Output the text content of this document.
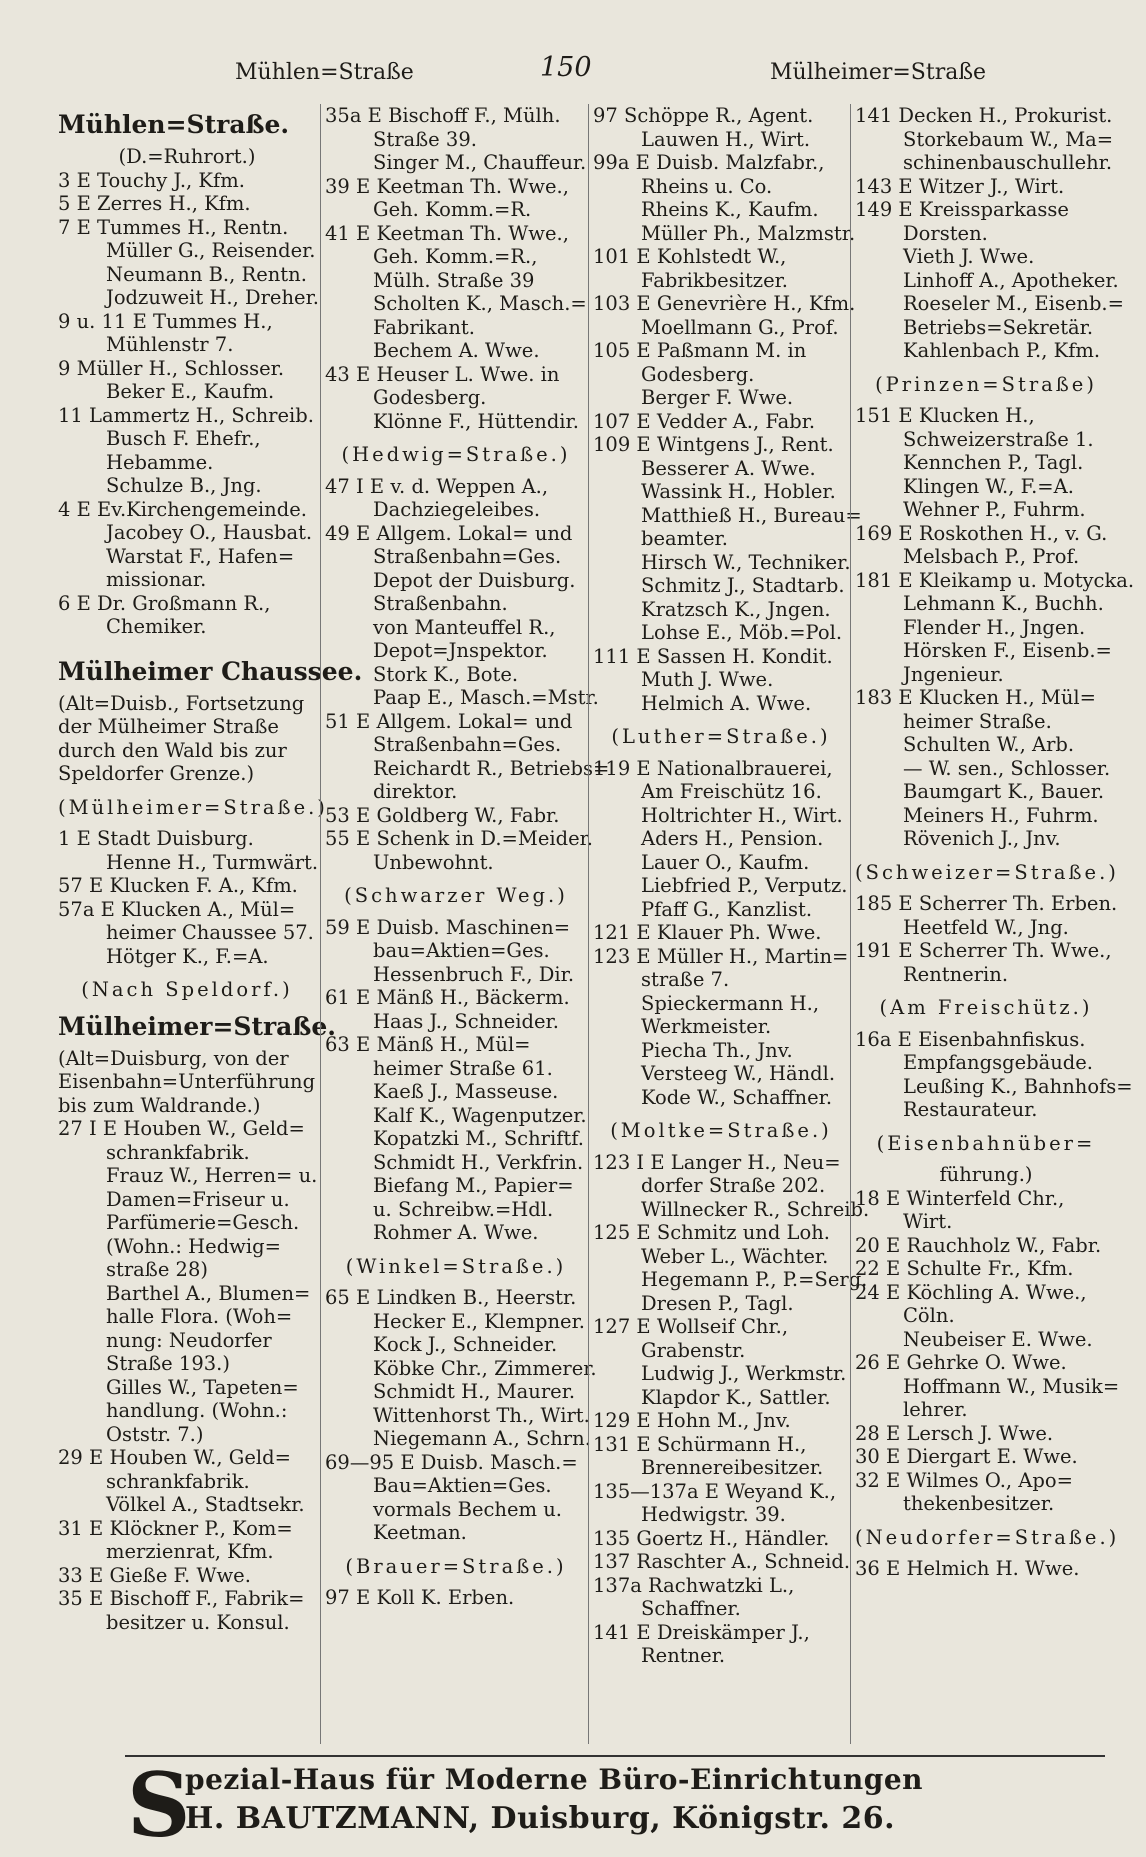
Mühlen=Straße	150	Mülheimer=Straße
Mühlen=Straße.
(D.=Ruhrort.)
3 E Touchy J., Kfm.
5 E Zerres H., Kfm.
7 E Tummes H., Rentn.
Müller G., Reisender.
Neumann B., Rentn.
Jodzuweit H., Dreher.
9 u. 11 E Tummes H.,
Mühlenstr 7.
9 Müller H., Schlosser.
Beker E., Kaufm.
11 Lammertz H., Schreib.
Busch F. Ehefr.,
Hebamme.
Schulze B., Jng.
4 E Ev.Kirchengemeinde.
Jacobey O., Hausbat.
Warstat F., Hafen=
missionar.
6 E Dr. Großmann R.,
Chemiker.
Mülheimer Chaussee.
(Alt=Duisb., Fortsetzung
der Mülheimer Straße
durch den Wald bis zur
Speldorfer Grenze.)
(Mülheimer=Straße.)
1 E Stadt Duisburg.
Henne H., Turmwärt.
57 E Klucken F. A., Kfm.
57a E Klucken A., Mül=
heimer Chaussee 57.
Hötger K., F.=A.
(Nach Speldorf.)
Mülheimer=Straße.
(Alt=Duisburg, von der
Eisenbahn=Unterführung
bis zum Waldrande.)
27 I E Houben W., Geld=
schrankfabrik.
Frauz W., Herren= u.
Damen=Friseur u.
Parfümerie=Gesch.
(Wohn.: Hedwig=
straße 28)
Barthel A., Blumen=
halle Flora. (Woh=
nung: Neudorfer
Straße 193.)
Gilles W., Tapeten=
handlung. (Wohn.:
Oststr. 7.)
29 E Houben W., Geld=
schrankfabrik.
Völkel A., Stadtsekr.
31 E Klöckner P., Kom=
merzienrat, Kfm.
33 E Gieße F. Wwe.
35 E Bischoff F., Fabrik=
besitzer u. Konsul.
35a E Bischoff F., Mülh.
Straße 39.
Singer M., Chauffeur.
39 E Keetman Th. Wwe.,
Geh. Komm.=R.
41 E Keetman Th. Wwe.,
Geh. Komm.=R.,
Mülh. Straße 39
Scholten K., Masch.=
Fabrikant.
Bechem A. Wwe.
43 E Heuser L. Wwe. in
Godesberg.
Klönne F., Hüttendir.
(Hedwig=Straße.)
47 I E v. d. Weppen A.,
Dachziegeleibes.
49 E Allgem. Lokal= und
Straßenbahn=Ges.
Depot der Duisburg.
Straßenbahn.
von Manteuffel R.,
Depot=Jnspektor.
Stork K., Bote.
Paap E., Masch.=Mstr.
51 E Allgem. Lokal= und
Straßenbahn=Ges.
Reichardt R., Betriebs=
direktor.
53 E Goldberg W., Fabr.
55 E Schenk in D.=Meider.
Unbewohnt.
(Schwarzer Weg.)
59 E Duisb. Maschinen=
bau=Aktien=Ges.
Hessenbruch F., Dir.
61 E Mänß H., Bäckerm.
Haas J., Schneider.
63 E Mänß H., Mül=
heimer Straße 61.
Kaeß J., Masseuse.
Kalf K., Wagenputzer.
Kopatzki M., Schriftf.
Schmidt H., Verkfrin.
Biefang M., Papier=
u. Schreibw.=Hdl.
Rohmer A. Wwe.
(Winkel=Straße.)
65 E Lindken B., Heerstr.
Hecker E., Klempner.
Kock J., Schneider.
Köbke Chr., Zimmerer.
Schmidt H., Maurer.
Wittenhorst Th., Wirt.
Niegemann A., Schrn.
69—95 E Duisb. Masch.=
Bau=Aktien=Ges.
vormals Bechem u.
Keetman.
(Brauer=Straße.)
97 E Koll K. Erben.
97 Schöppe R., Agent.
Lauwen H., Wirt.
99a E Duisb. Malzfabr.,
Rheins u. Co.
Rheins K., Kaufm.
Müller Ph., Malzmstr.
101 E Kohlstedt W.,
Fabrikbesitzer.
103 E Genevrière H., Kfm.
Moellmann G., Prof.
105 E Paßmann M. in
Godesberg.
Berger F. Wwe.
107 E Vedder A., Fabr.
109 E Wintgens J., Rent.
Besserer A. Wwe.
Wassink H., Hobler.
Matthieß H., Bureau=
beamter.
Hirsch W., Techniker.
Schmitz J., Stadtarb.
Kratzsch K., Jngen.
Lohse E., Möb.=Pol.
111 E Sassen H. Kondit.
Muth J. Wwe.
Helmich A. Wwe.
(Luther=Straße.)
119 E Nationalbrauerei,
Am Freischütz 16.
Holtrichter H., Wirt.
Aders H., Pension.
Lauer O., Kaufm.
Liebfried P., Verputz.
Pfaff G., Kanzlist.
121 E Klauer Ph. Wwe.
123 E Müller H., Martin=
straße 7.
Spieckermann H.,
Werkmeister.
Piecha Th., Jnv.
Versteeg W., Händl.
Kode W., Schaffner.
(Moltke=Straße.)
123 I E Langer H., Neu=
dorfer Straße 202.
Willnecker R., Schreib.
125 E Schmitz und Loh.
Weber L., Wächter.
Hegemann P., P.=Serg.
Dresen P., Tagl.
127 E Wollseif Chr.,
Grabenstr.
Ludwig J., Werkmstr.
Klapdor K., Sattler.
129 E Hohn M., Jnv.
131 E Schürmann H.,
Brennereibesitzer.
135—137a E Weyand K.,
Hedwigstr. 39.
135 Goertz H., Händler.
137 Raschter A., Schneid.
137a Rachwatzki L.,
Schaffner.
141 E Dreiskämper J.,
Rentner.
141 Decken H., Prokurist.
Storkebaum W., Ma=
schinenbauschullehr.
143 E Witzer J., Wirt.
149 E Kreissparkasse
Dorsten.
Vieth J. Wwe.
Linhoff A., Apotheker.
Roeseler M., Eisenb.=
Betriebs=Sekretär.
Kahlenbach P., Kfm.
(Prinzen=Straße)
151 E Klucken H.,
Schweizerstraße 1.
Kennchen P., Tagl.
Klingen W., F.=A.
Wehner P., Fuhrm.
169 E Roskothen H., v. G.
Melsbach P., Prof.
181 E Kleikamp u. Motycka.
Lehmann K., Buchh.
Flender H., Jngen.
Hörsken F., Eisenb.=
Jngenieur.
183 E Klucken H., Mül=
heimer Straße.
Schulten W., Arb.
— W. sen., Schlosser.
Baumgart K., Bauer.
Meiners H., Fuhrm.
Rövenich J., Jnv.
(Schweizer=Straße.)
185 E Scherrer Th. Erben.
Heetfeld W., Jng.
191 E Scherrer Th. Wwe.,
Rentnerin.
(Am Freischütz.)
16a E Eisenbahnfiskus.
Empfangsgebäude.
Leußing K., Bahnhofs=
Restaurateur.
(Eisenbahnüber=
führung.)
18 E Winterfeld Chr.,
Wirt.
20 E Rauchholz W., Fabr.
22 E Schulte Fr., Kfm.
24 E Köchling A. Wwe.,
Cöln.
Neubeiser E. Wwe.
26 E Gehrke O. Wwe.
Hoffmann W., Musik=
lehrer.
28 E Lersch J. Wwe.
30 E Diergart E. Wwe.
32 E Wilmes O., Apo=
thekenbesitzer.
(Neudorfer=Straße.)
36 E Helmich H. Wwe.
S
pezial-Haus für Moderne Büro-Einrichtungen
H. BAUTZMANN, Duisburg, Königstr. 26.
